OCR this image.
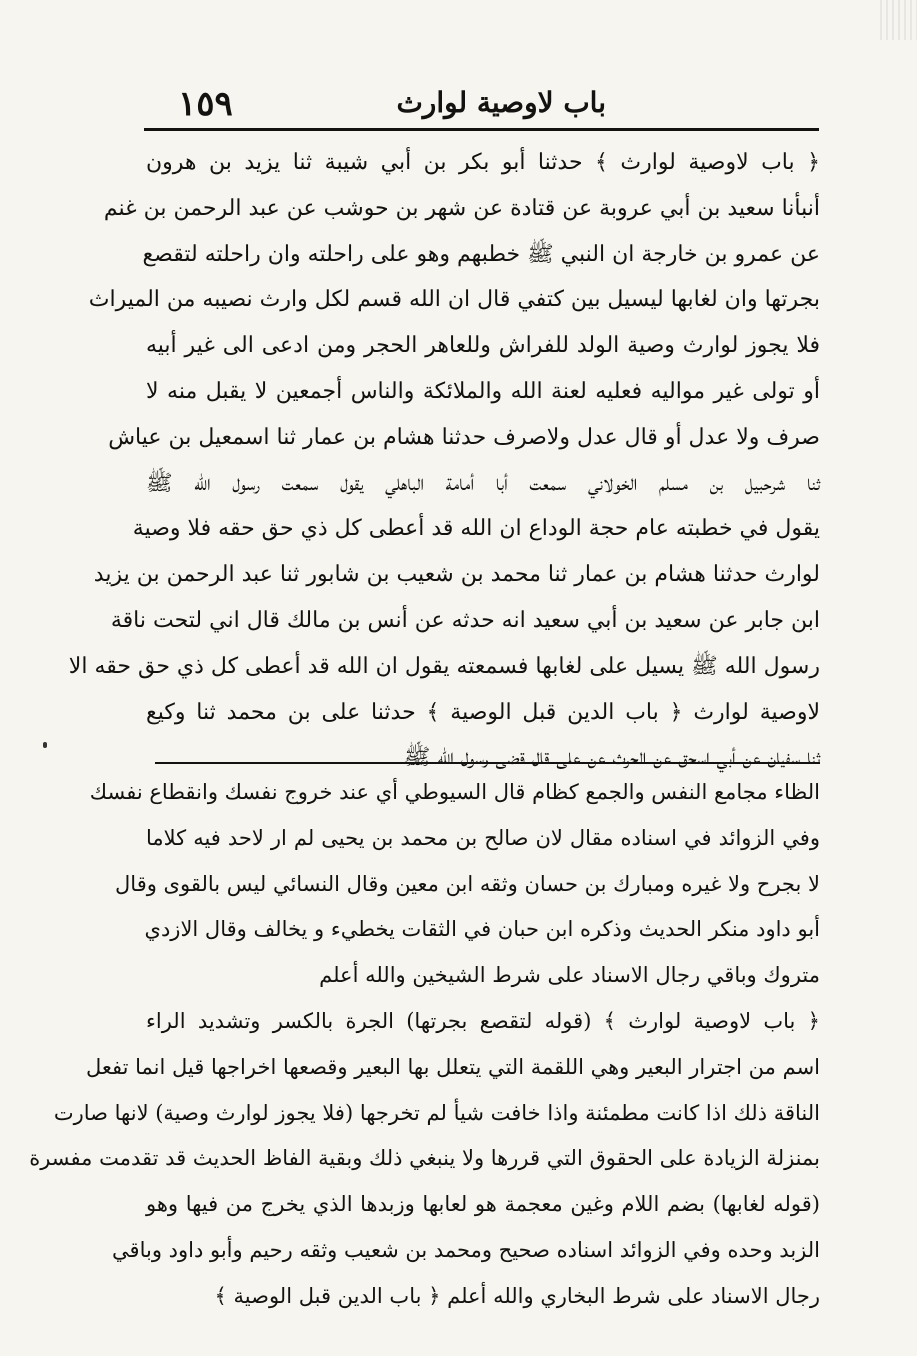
١٥٩	باب لاوصية لوارث
﴿ باب لاوصية لوارث ﴾ حدثنا أبو بكر بن أبي شيبة ثنا يزيد بن هرون
أنبأنا سعيد بن أبي عروبة عن قتادة عن شهر بن حوشب عن عبد الرحمن بن غنم
عن عمرو بن خارجة ان النبي ﷺ خطبهم وهو على راحلته وان راحلته لتقصع
بجرتها وان لغابها ليسيل بين كتفي قال ان الله قسم لكل وارث نصيبه من الميراث
فلا يجوز لوارث وصية الولد للفراش وللعاهر الحجر ومن ادعى الى غير أبيه
أو تولى غير مواليه فعليه لعنة الله والملائكة والناس أجمعين لا يقبل منه لا
صرف ولا عدل أو قال عدل ولاصرف حدثنا هشام بن عمار ثنا اسمعيل بن عياش
ثنا شرحبيل بن مسلم الخولاني سمعت أبا أمامة الباهلي يقول سمعت رسول الله ﷺ
يقول في خطبته عام حجة الوداع ان الله قد أعطى كل ذي حق حقه فلا وصية
لوارث حدثنا هشام بن عمار ثنا محمد بن شعيب بن شابور ثنا عبد الرحمن بن يزيد
ابن جابر عن سعيد بن أبي سعيد انه حدثه عن أنس بن مالك قال اني لتحت ناقة
رسول الله ﷺ يسيل على لغابها فسمعته يقول ان الله قد أعطى كل ذي حق حقه الا
لاوصية لوارث ﴿ باب الدين قبل الوصية ﴾ حدثنا على بن محمد ثنا وكيع
ثنا سفيان عن أبي اسحق عن الحرث عن على قال قضى رسول الله ﷺ
الظاء مجامع النفس والجمع كظام قال السيوطي أي عند خروج نفسك وانقطاع نفسك
وفي الزوائد في اسناده مقال لان صالح بن محمد بن يحيى لم ار لاحد فيه كلاما
لا بجرح ولا غيره ومبارك بن حسان وثقه ابن معين وقال النسائي ليس بالقوى وقال
أبو داود منكر الحديث وذكره ابن حبان في الثقات يخطيء و يخالف وقال الازدي
متروك وباقي رجال الاسناد على شرط الشيخين والله أعلم
﴿ باب لاوصية لوارث ﴾ (قوله لتقصع بجرتها) الجرة بالكسر وتشديد الراء
اسم من اجترار البعير وهي اللقمة التي يتعلل بها البعير وقصعها اخراجها قيل انما تفعل
الناقة ذلك اذا كانت مطمئنة واذا خافت شيأ لم تخرجها (فلا يجوز لوارث وصية) لانها صارت
بمنزلة الزيادة على الحقوق التي قررها ولا ينبغي ذلك وبقية الفاظ الحديث قد تقدمت مفسرة
(قوله لغابها) بضم اللام وغين معجمة هو لعابها وزبدها الذي يخرج من فيها وهو
الزبد وحده وفي الزوائد اسناده صحيح ومحمد بن شعيب وثقه رحيم وأبو داود وباقي
رجال الاسناد على شرط البخاري والله أعلم ﴿ باب الدين قبل الوصية ﴾
